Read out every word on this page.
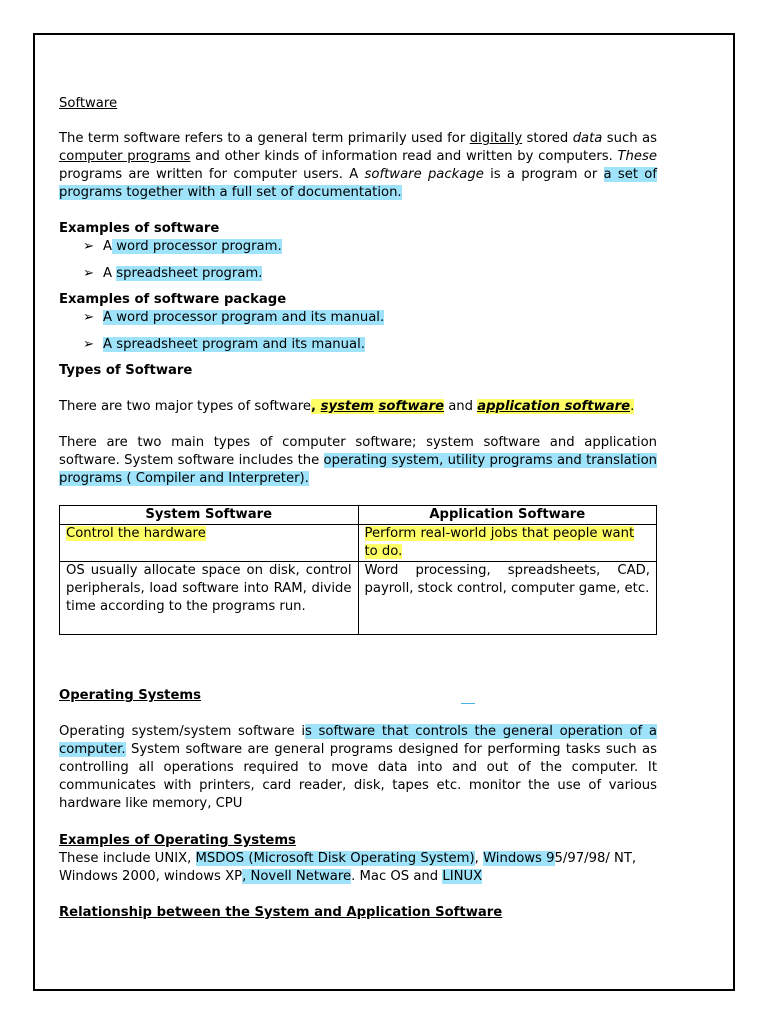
Software

The term software refers to a general term primarily used for digitally stored data such as computer programs and other kinds of information read and written by computers. These programs are written for computer users. A software package is a program or a set of programs together with a full set of documentation.

Examples of software

➢ A word processor program.
➢ A spreadsheet program.

Examples of software package

➢ A word processor program and its manual.
➢ A spreadsheet program and its manual.

Types of Software

There are two major types of software, system software and application software.

There are two main types of computer software; system software and application software. System software includes the operating system, utility programs and translation programs ( Compiler and Interpreter).

System Software	Application Software
Control the hardware	Perform real-world jobs that people want to do.
OS usually allocate space on disk, control peripherals, load software into RAM, divide time according to the programs run.	Word processing, spreadsheets, CAD, payroll, stock control, computer game, etc.

Operating Systems

Operating system/system software is software that controls the general operation of a computer. System software are general programs designed for performing tasks such as controlling all operations required to move data into and out of the computer. It communicates with printers, card reader, disk, tapes etc. monitor the use of various hardware like memory, CPU

Examples of Operating Systems

These include UNIX, MSDOS (Microsoft Disk Operating System), Windows 95/97/98/ NT, Windows 2000, windows XP, Novell Netware. Mac OS and LINUX

Relationship between the System and Application Software
